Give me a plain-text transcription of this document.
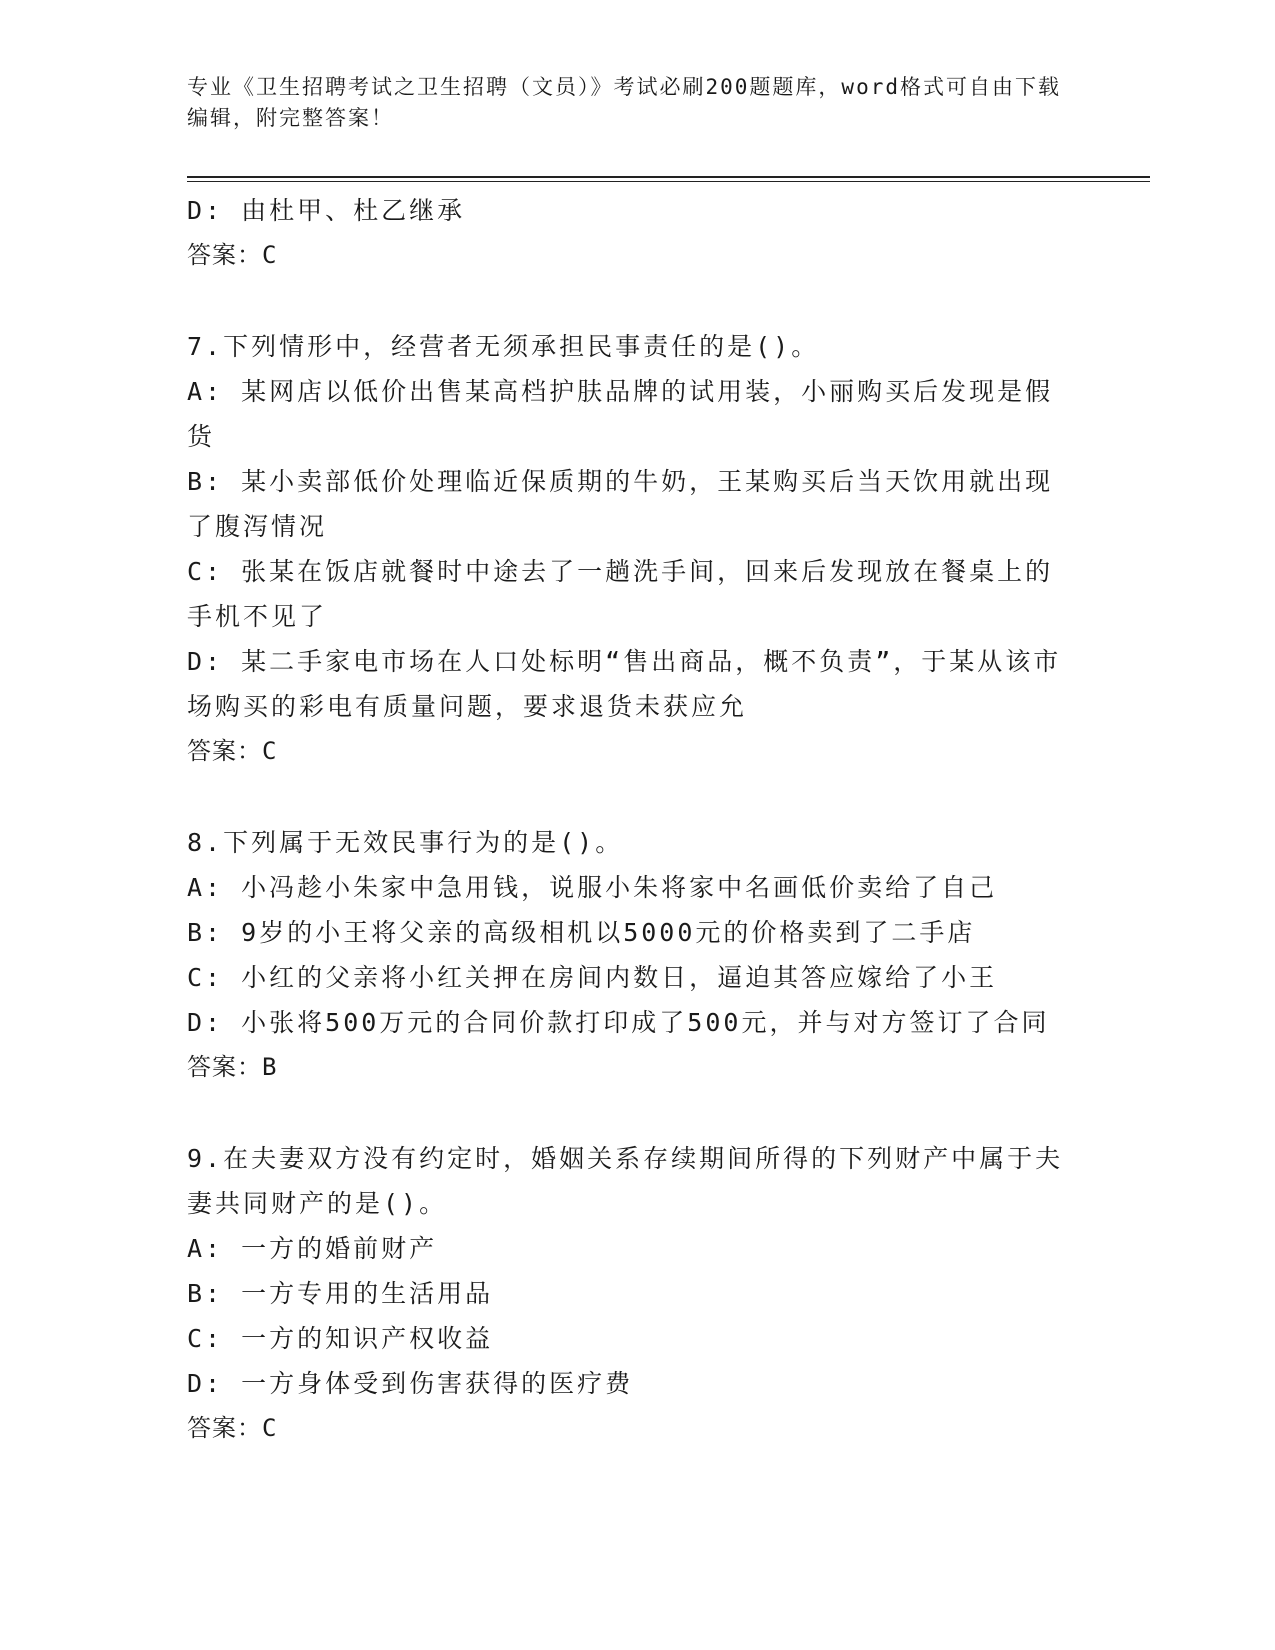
专业《卫生招聘考试之卫生招聘（文员）》考试必刷200题题库，word格式可自由下载编辑，附完整答案！

D: 由杜甲、杜乙继承

答案：C

7.下列情形中，经营者无须承担民事责任的是()。

A: 某网店以低价出售某高档护肤品牌的试用装，小丽购买后发现是假货

B: 某小卖部低价处理临近保质期的牛奶，王某购买后当天饮用就出现了腹泻情况

C: 张某在饭店就餐时中途去了一趟洗手间，回来后发现放在餐桌上的手机不见了

D: 某二手家电市场在人口处标明“售出商品，概不负责”，于某从该市场购买的彩电有质量问题，要求退货未获应允

答案：C

8.下列属于无效民事行为的是()。

A: 小冯趁小朱家中急用钱，说服小朱将家中名画低价卖给了自己

B: 9岁的小王将父亲的高级相机以5000元的价格卖到了二手店

C: 小红的父亲将小红关押在房间内数日，逼迫其答应嫁给了小王

D: 小张将500万元的合同价款打印成了500元，并与对方签订了合同

答案：B

9.在夫妻双方没有约定时，婚姻关系存续期间所得的下列财产中属于夫妻共同财产的是()。

A: 一方的婚前财产

B: 一方专用的生活用品

C: 一方的知识产权收益

D: 一方身体受到伤害获得的医疗费

答案：C
